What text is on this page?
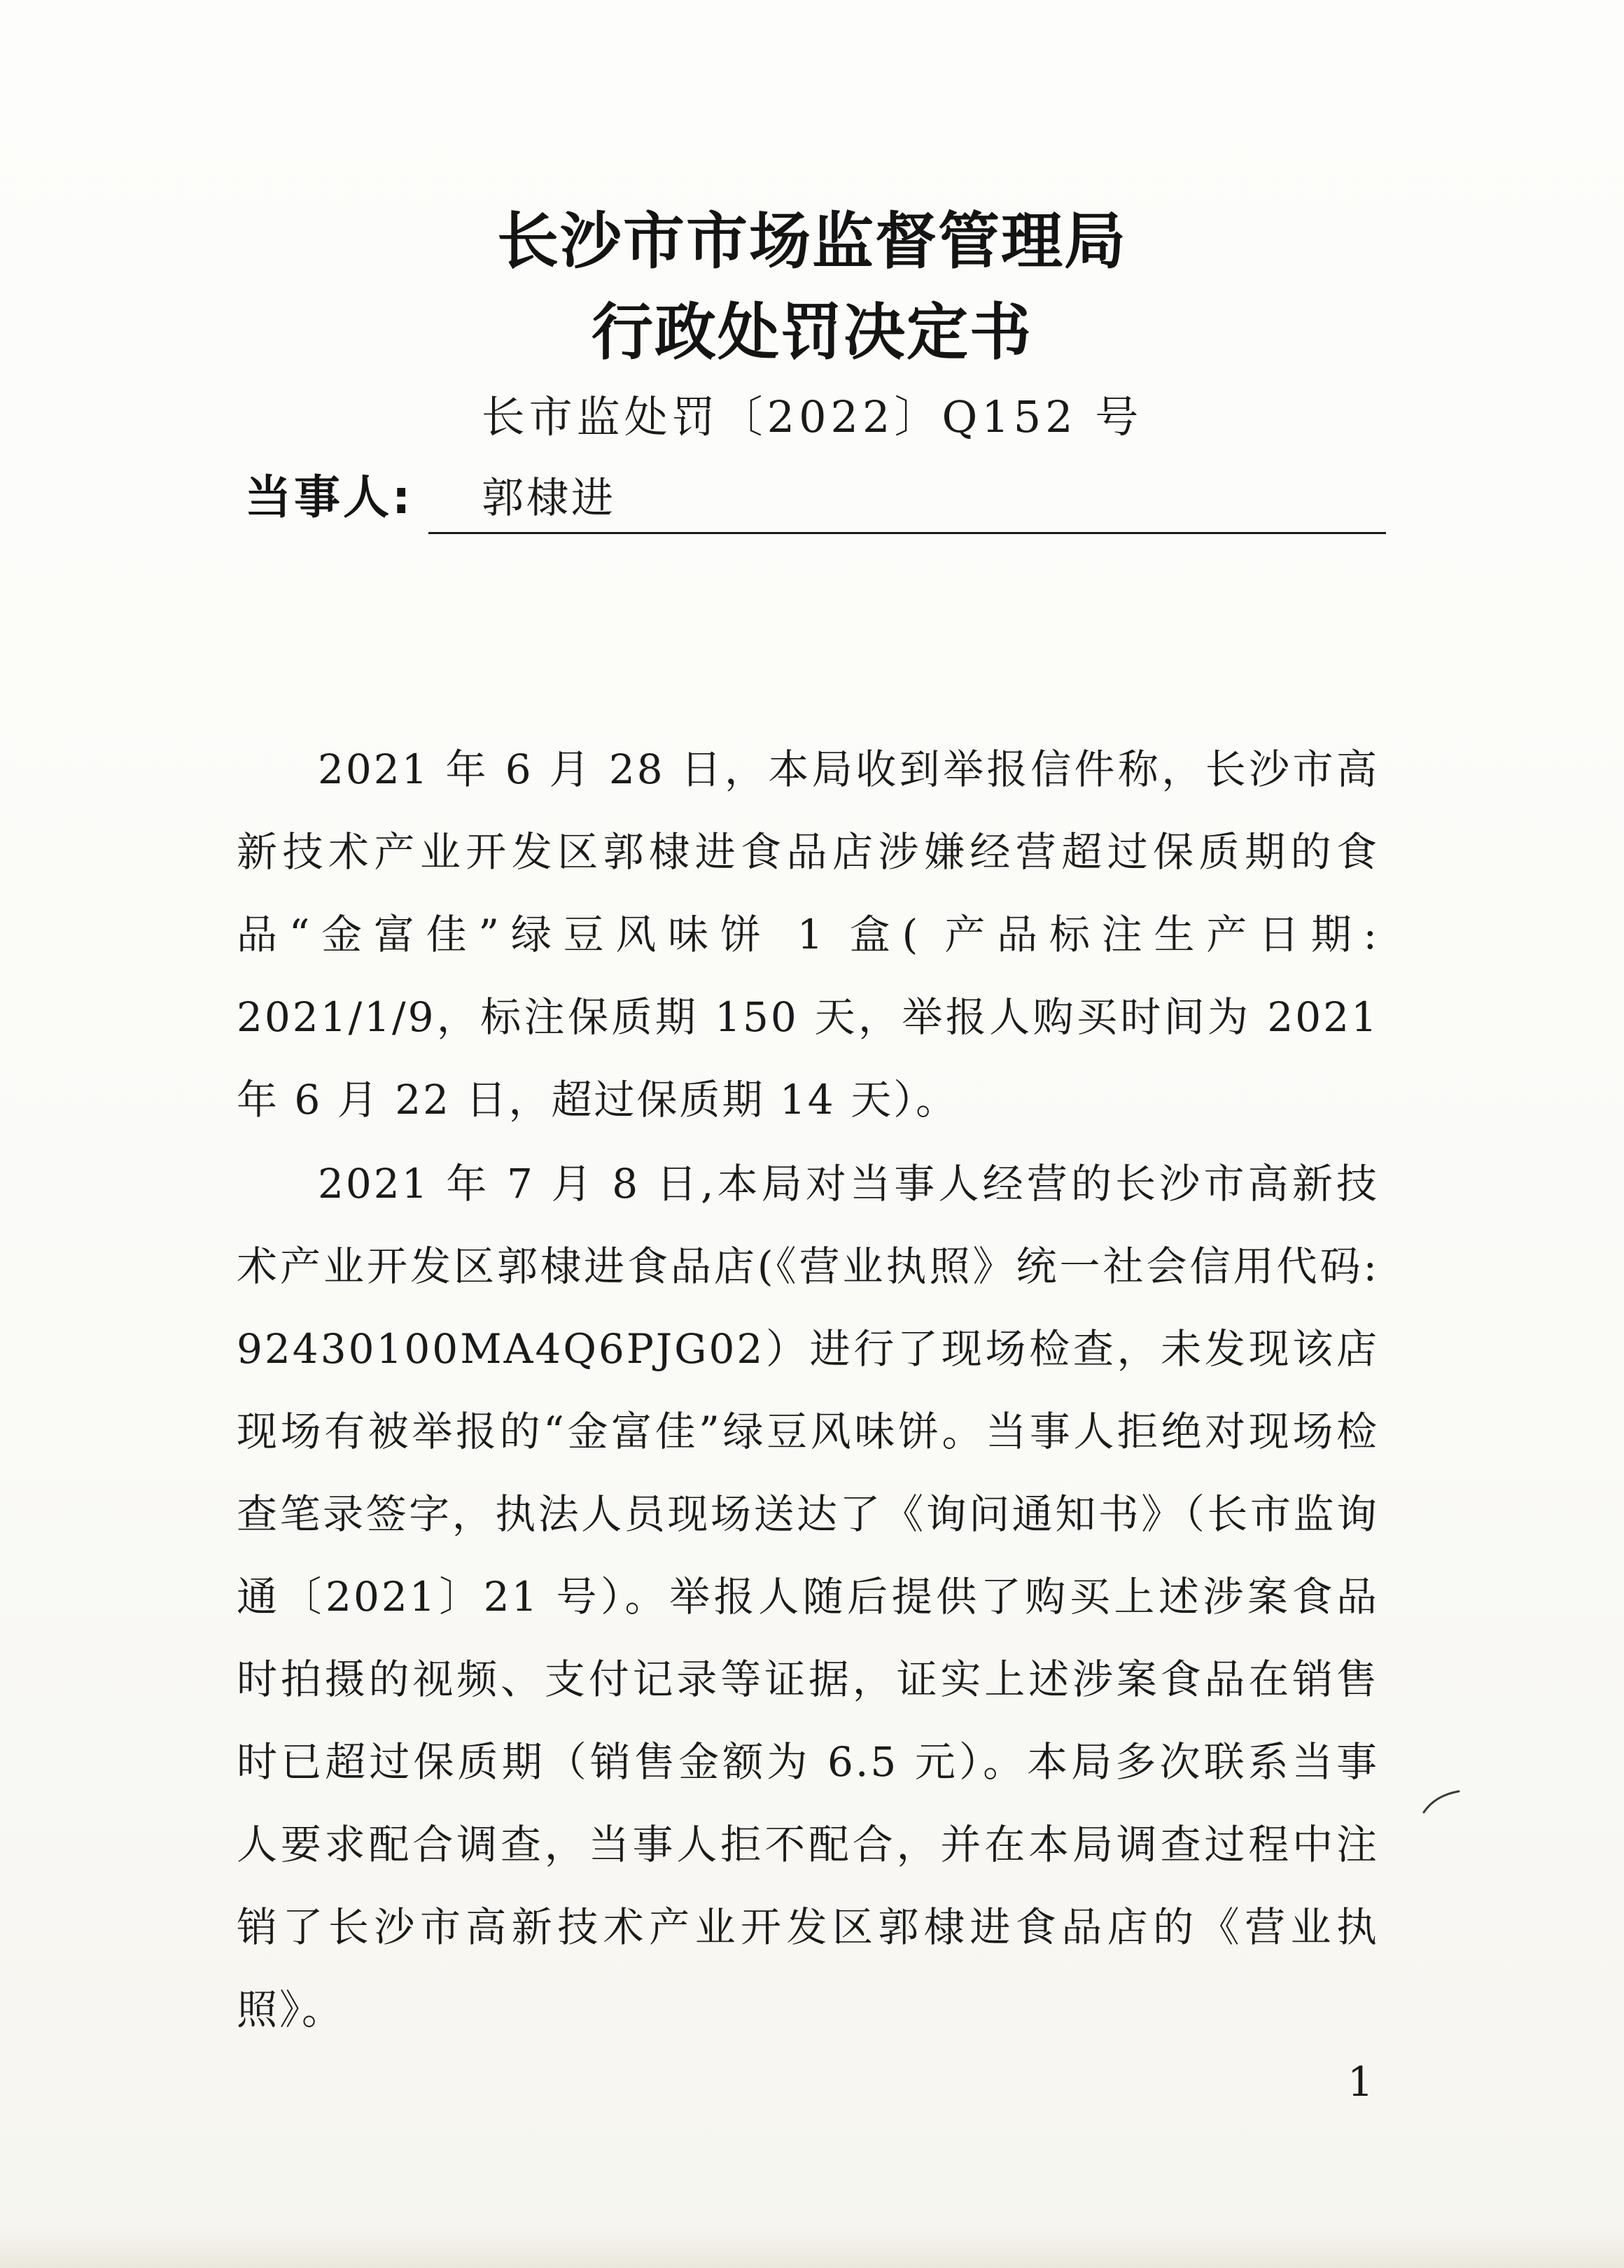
长沙市市场监督管理局
行政处罚决定书
长市监处罚〔2022〕Q152 号
当事人: 郭棣进

2021 年 6 月 28 日，本局收到举报信件称，长沙市高新技术产业开发区郭棣进食品店涉嫌经营超过保质期的食品“金富佳”绿豆风味饼 1 盒( 产品标注生产日期: 2021/1/9，标注保质期 150 天，举报人购买时间为 2021 年 6 月 22 日，超过保质期 14 天）。

2021 年 7 月 8 日,本局对当事人经营的长沙市高新技术产业开发区郭棣进食品店(《营业执照》统一社会信用代码: 92430100MA4Q6PJG02）进行了现场检查，未发现该店现场有被举报的“金富佳”绿豆风味饼。当事人拒绝对现场检查笔录签字，执法人员现场送达了《询问通知书》（长市监询通〔2021〕21 号）。举报人随后提供了购买上述涉案食品时拍摄的视频、支付记录等证据，证实上述涉案食品在销售时已超过保质期（销售金额为 6.5 元）。本局多次联系当事人要求配合调查，当事人拒不配合，并在本局调查过程中注销了长沙市高新技术产业开发区郭棣进食品店的《营业执照》。

1
